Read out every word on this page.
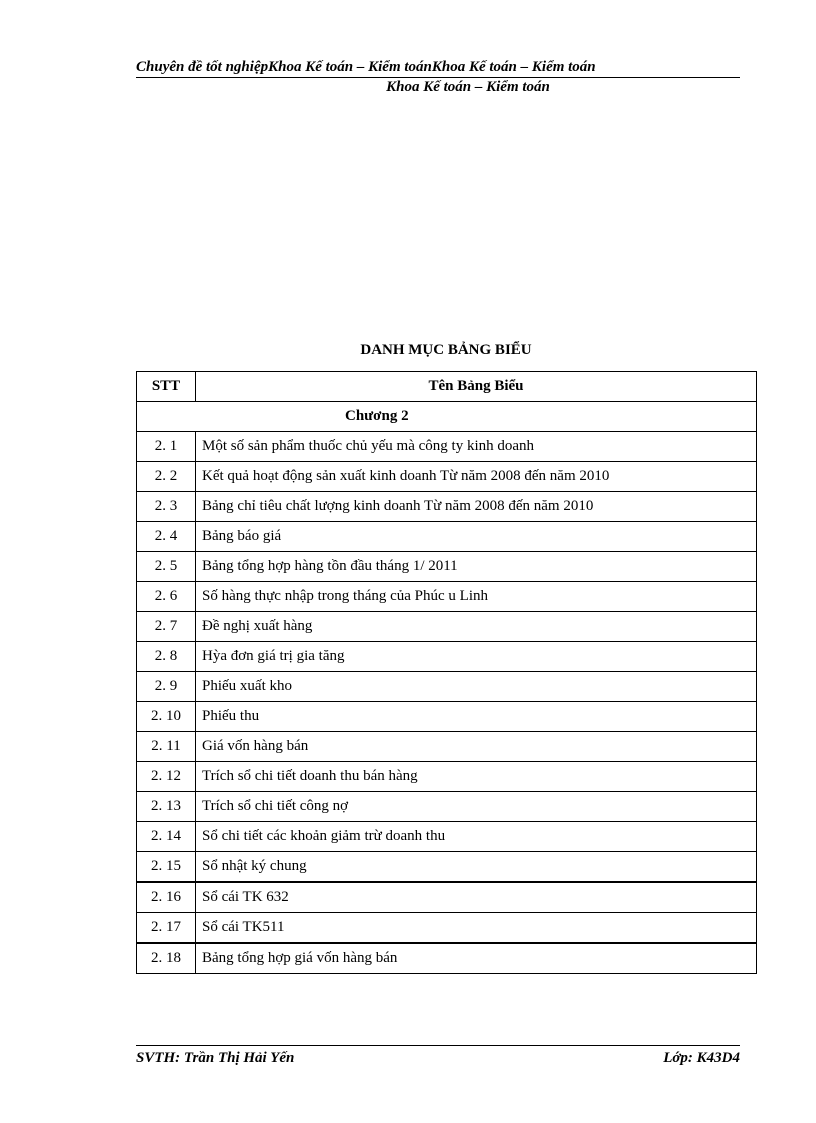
Chuyên đề tốt nghiệpKhoa Kế toán – Kiểm toánKhoa Kế toán – Kiểm toán
Khoa Kế toán – Kiểm toán
DANH MỤC BẢNG BIỂU
STT	Tên Bảng Biểu
Chương 2	
2. 1	Một số sản phẩm thuốc chủ yếu mà công ty kinh doanh
2. 2	Kết quả hoạt động sản xuất kinh doanh Từ năm 2008 đến năm 2010
2. 3	Bảng chỉ tiêu chất lượng kinh doanh Từ năm 2008 đến năm 2010
2. 4	Bảng báo giá
2. 5	Bảng tổng hợp hàng tồn đầu tháng 1/ 2011
2. 6	Số hàng thực nhập trong tháng của Phúc u Linh
2. 7	Đề nghị xuất hàng
2. 8	Hỳa đơn giá trị gia tăng
2. 9	Phiếu xuất kho
2. 10	Phiếu thu
2. 11	Giá vốn hàng bán
2. 12	Trích sổ chi tiết doanh thu bán hàng
2. 13	Trích sổ chi tiết công nợ
2. 14	Sổ chi tiết các khoản giảm trừ doanh thu
2. 15	Sổ nhật ký chung
2. 16	Sổ cái TK 632
2. 17	Sổ cái TK511
2. 18	Bảng tổng hợp giá vốn hàng bán
SVTH: Trần Thị Hải Yến	Lớp: K43D4
